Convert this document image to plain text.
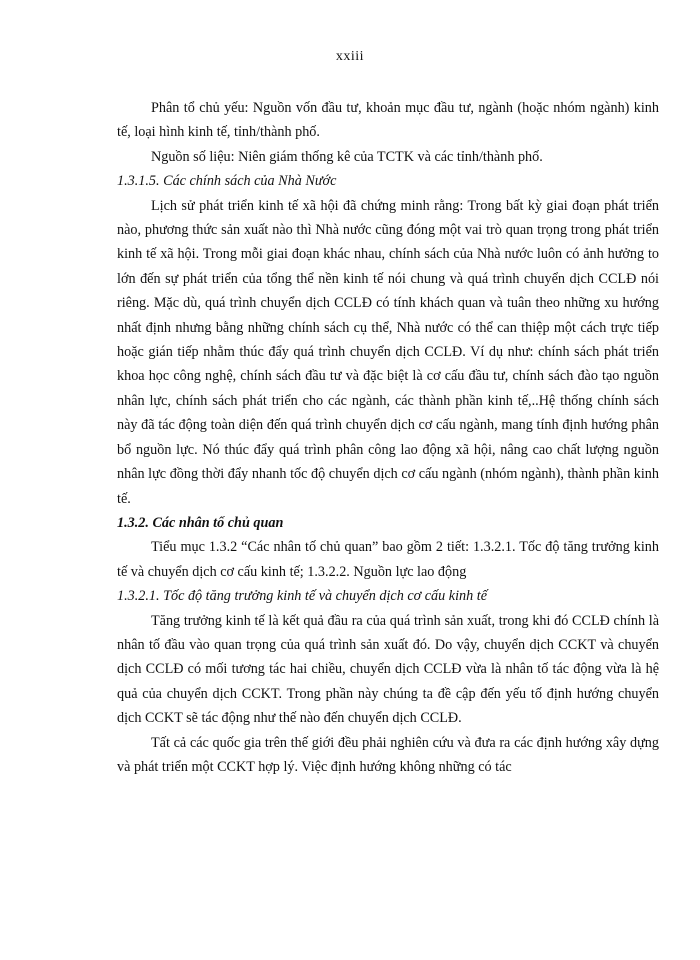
xxiii

Phân tổ chủ yếu: Nguồn vốn đầu tư, khoản mục đầu tư, ngành (hoặc nhóm ngành) kinh tế, loại hình kinh tế, tỉnh/thành phố.

Nguồn số liệu: Niên giám thống kê của TCTK và các tỉnh/thành phố.

1.3.1.5. Các chính sách của Nhà Nước

Lịch sử phát triển kinh tế xã hội đã chứng minh rằng: Trong bất kỳ giai đoạn phát triển nào, phương thức sản xuất nào thì Nhà nước cũng đóng một vai trò quan trọng trong phát triển kinh tế xã hội. Trong mỗi giai đoạn khác nhau, chính sách của Nhà nước luôn có ảnh hưởng to lớn đến sự phát triển của tổng thể nền kinh tế nói chung và quá trình chuyển dịch CCLĐ nói riêng. Mặc dù, quá trình chuyển dịch CCLĐ có tính khách quan và tuân theo những xu hướng nhất định nhưng bằng những chính sách cụ thể, Nhà nước có thể can thiệp một cách trực tiếp hoặc gián tiếp nhằm thúc đẩy quá trình chuyển dịch CCLĐ. Ví dụ như: chính sách phát triển khoa học công nghệ, chính sách đầu tư và đặc biệt là cơ cấu đầu tư, chính sách đào tạo nguồn nhân lực, chính sách phát triển cho các ngành, các thành phần kinh tế,..Hệ thống chính sách này đã tác động toàn diện đến quá trình chuyển dịch cơ cấu ngành, mang tính định hướng phân bổ nguồn lực. Nó thúc đẩy quá trình phân công lao động xã hội, nâng cao chất lượng nguồn nhân lực đồng thời đẩy nhanh tốc độ chuyển dịch cơ cấu ngành (nhóm ngành), thành phần kinh tế.

1.3.2. Các nhân tố chủ quan

Tiểu mục 1.3.2 “Các nhân tố chủ quan” bao gồm 2 tiết: 1.3.2.1. Tốc độ tăng trưởng kinh tế và chuyển dịch cơ cấu kinh tế; 1.3.2.2. Nguồn lực lao động

1.3.2.1. Tốc độ tăng trưởng kinh tế và chuyển dịch cơ cấu kinh tế

Tăng trưởng kinh tế là kết quả đầu ra của quá trình sản xuất, trong khi đó CCLĐ chính là nhân tố đầu vào quan trọng của quá trình sản xuất đó. Do vậy, chuyển dịch CCKT và chuyển dịch CCLĐ có mối tương tác hai chiều, chuyển dịch CCLĐ vừa là nhân tố tác động vừa là hệ quả của chuyển dịch CCKT. Trong phần này chúng ta đề cập đến yếu tố định hướng chuyển dịch CCKT sẽ tác động như thế nào đến chuyển dịch CCLĐ.

Tất cả các quốc gia trên thế giới đều phải nghiên cứu và đưa ra các định hướng xây dựng và phát triển một CCKT hợp lý. Việc định hướng không những có tác
